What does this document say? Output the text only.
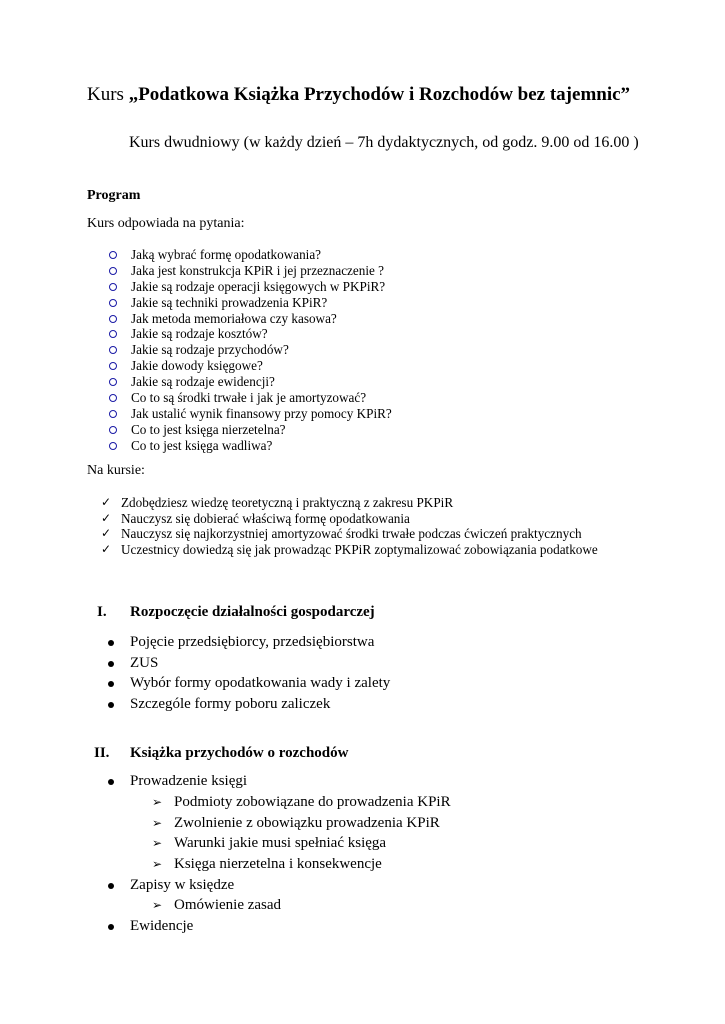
Kurs „Podatkowa Książka Przychodów i Rozchodów bez tajemnic”
Kurs dwudniowy (w każdy dzień – 7h dydaktycznych, od godz. 9.00 od 16.00 )
Program
Kurs odpowiada na pytania:
Jaką wybrać formę opodatkowania?
Jaka jest konstrukcja KPiR i jej przeznaczenie ?
Jakie są rodzaje operacji księgowych w PKPiR?
Jakie są techniki prowadzenia KPiR?
Jak metoda memoriałowa czy kasowa?
Jakie są rodzaje kosztów?
Jakie są rodzaje przychodów?
Jakie dowody księgowe?
Jakie są rodzaje ewidencji?
Co to są środki trwałe i jak je amortyzować?
Jak ustalić wynik finansowy przy pomocy KPiR?
Co to jest księga nierzetelna?
Co to jest księga wadliwa?
Na kursie:
✓ Zdobędziesz wiedzę teoretyczną i praktyczną z zakresu PKPiR
✓ Nauczysz się dobierać właściwą formę opodatkowania
✓ Nauczysz się najkorzystniej amortyzować środki trwałe podczas ćwiczeń praktycznych
✓ Uczestnicy dowiedzą się jak prowadząc PKPiR zoptymalizować zobowiązania podatkowe
I. Rozpoczęcie działalności gospodarczej
Pojęcie przedsiębiorcy, przedsiębiorstwa
ZUS
Wybór formy opodatkowania wady i zalety
Szczególe formy poboru zaliczek
II. Książka przychodów o rozchodów
Prowadzenie księgi
➢ Podmioty zobowiązane do prowadzenia KPiR
➢ Zwolnienie z obowiązku prowadzenia KPiR
➢ Warunki jakie musi spełniać księga
➢ Księga nierzetelna i konsekwencje
Zapisy w księdze
➢ Omówienie zasad
Ewidencje
